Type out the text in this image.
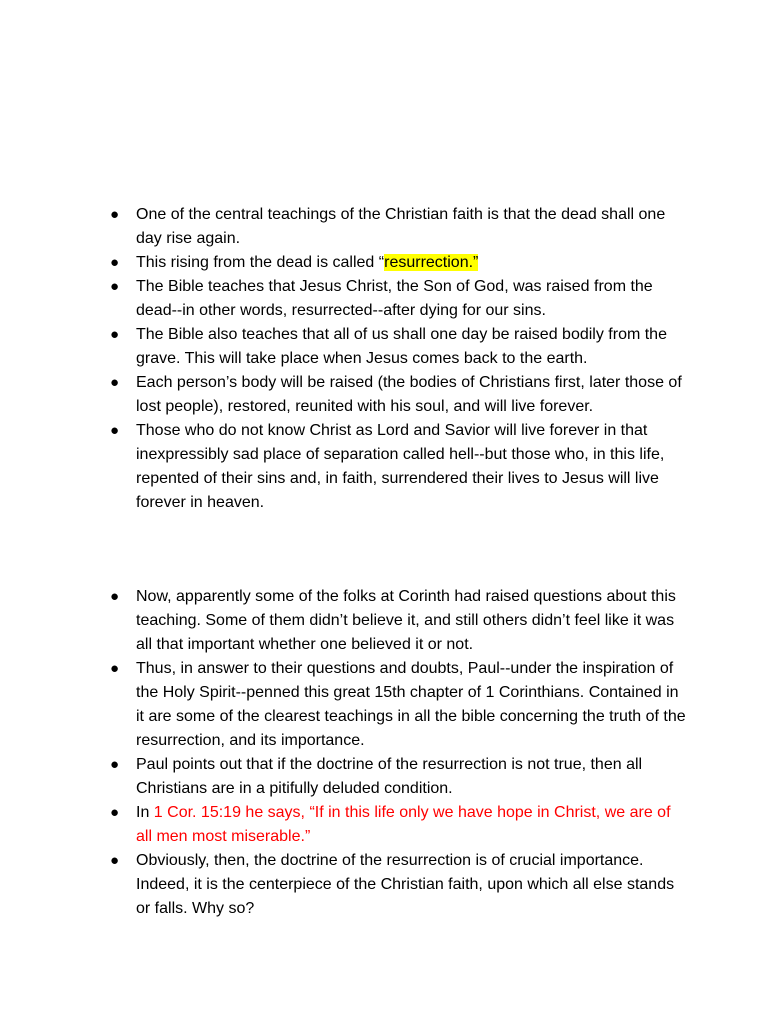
●	One of the central teachings of the Christian faith is that the dead shall one day rise again.
●	This rising from the dead is called “resurrection.”
●	The Bible teaches that Jesus Christ, the Son of God, was raised from the dead--in other words, resurrected--after dying for our sins.
●	The Bible also teaches that all of us shall one day be raised bodily from the grave. This will take place when Jesus comes back to the earth.
●	Each person’s body will be raised (the bodies of Christians first, later those of lost people), restored, reunited with his soul, and will live forever.
●	Those who do not know Christ as Lord and Savior will live forever in that inexpressibly sad place of separation called hell--but those who, in this life, repented of their sins and, in faith, surrendered their lives to Jesus will live forever in heaven.
●	Now, apparently some of the folks at Corinth had raised questions about this teaching. Some of them didn’t believe it, and still others didn’t feel like it was all that important whether one believed it or not.
●	Thus, in answer to their questions and doubts, Paul--under the inspiration of the Holy Spirit--penned this great 15th chapter of 1 Corinthians. Contained in it are some of the clearest teachings in all the bible concerning the truth of the resurrection, and its importance.
●	Paul points out that if the doctrine of the resurrection is not true, then all Christians are in a pitifully deluded condition.
●	In 1 Cor. 15:19 he says, “If in this life only we have hope in Christ, we are of all men most miserable.”
●	Obviously, then, the doctrine of the resurrection is of crucial importance. Indeed, it is the centerpiece of the Christian faith, upon which all else stands or falls. Why so?
